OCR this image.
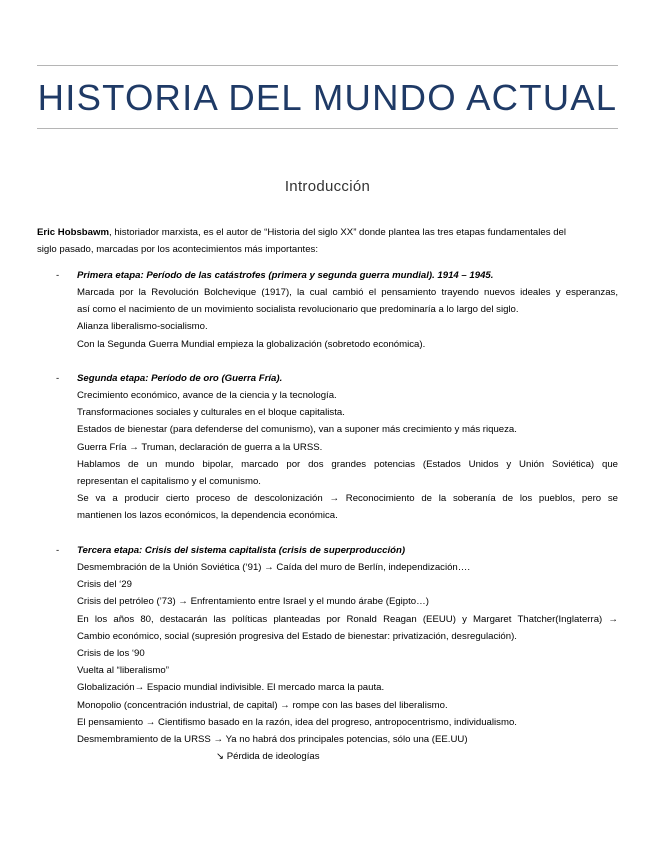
HISTORIA DEL MUNDO ACTUAL
Introducción
Eric Hobsbawm, historiador marxista, es el autor de “Historia del siglo XX” donde plantea las tres etapas fundamentales del
siglo pasado, marcadas por los acontecimientos más importantes:
- Primera etapa: Período de las catástrofes (primera y segunda guerra mundial). 1914 – 1945.
Marcada por la Revolución Bolchevique (1917), la cual cambió el pensamiento trayendo nuevos ideales y esperanzas,
así como el nacimiento de un movimiento socialista revolucionario que predominaría a lo largo del siglo.
Alianza liberalismo-socialismo.
Con la Segunda Guerra Mundial empieza la globalización (sobretodo económica).
- Segunda etapa: Período de oro (Guerra Fría).
Crecimiento económico, avance de la ciencia y la tecnología.
Transformaciones sociales y culturales en el bloque capitalista.
Estados de bienestar (para defenderse del comunismo), van a suponer más crecimiento y más riqueza.
Guerra Fría → Truman, declaración de guerra a la URSS.
Hablamos de un mundo bipolar, marcado por dos grandes potencias (Estados Unidos y Unión Soviética) que
representan el capitalismo y el comunismo.
Se va a producir cierto proceso de descolonización → Reconocimiento de la soberanía de los pueblos, pero se
mantienen los lazos económicos, la dependencia económica.
- Tercera etapa: Crisis del sistema capitalista (crisis de superproducción)
Desmembración de la Unión Soviética (‘91) → Caída del muro de Berlín, independización….
Crisis del ‘29
Crisis del petróleo (’73) → Enfrentamiento entre Israel y el mundo árabe (Egipto…)
En los años 80, destacarán las políticas planteadas por Ronald Reagan (EEUU) y Margaret Thatcher(Inglaterra) →
Cambio económico, social (supresión progresiva del Estado de bienestar: privatización, desregulación).
Crisis de los ‘90
Vuelta al “liberalismo”
Globalización→ Espacio mundial indivisible. El mercado marca la pauta.
Monopolio (concentración industrial, de capital) → rompe con las bases del liberalismo.
El pensamiento → Cientifismo basado en la razón, idea del progreso, antropocentrismo, individualismo.
Desmembramiento de la URSS → Ya no habrá dos principales potencias, sólo una (EE.UU)
↘ Pérdida de ideologías
